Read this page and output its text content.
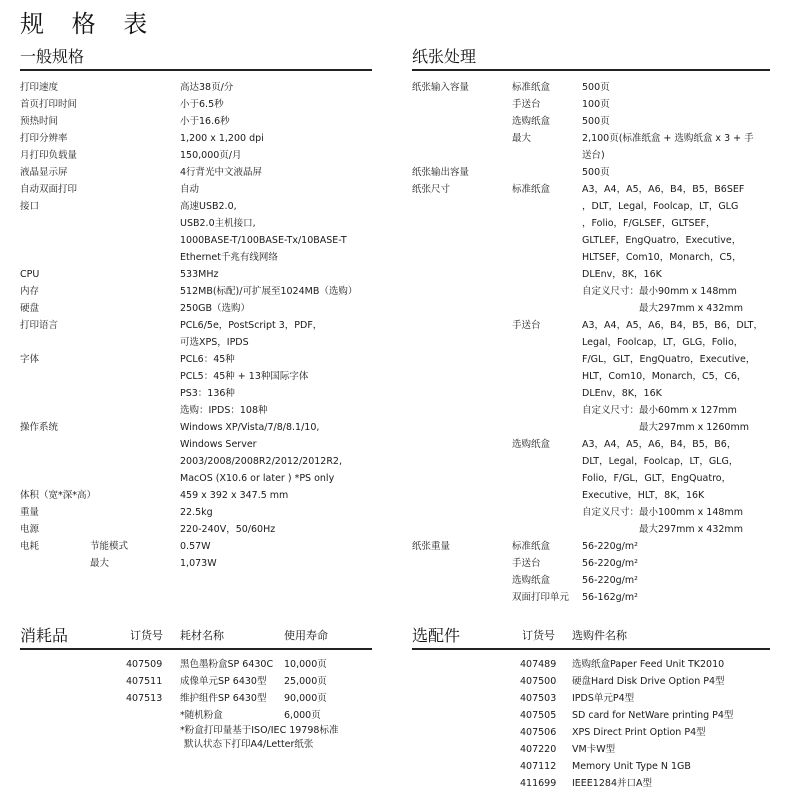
规 格 表
一般规格
打印速度	高达38页/分
首页打印时间	小于6.5秒
预热时间	小于16.6秒
打印分辨率	1,200 x 1,200 dpi
月打印负载量	150,000页/月
液晶显示屏	4行背光中文液晶屏
自动双面打印	自动
接口	高速USB2.0,
USB2.0主机接口,
1000BASE-T/100BASE-Tx/10BASE-T
Ethernet千兆有线网络
CPU	533MHz
内存	512MB(标配)/可扩展至1024MB（选购）
硬盘	250GB（选购）
打印语言	PCL6/5e，PostScript 3，PDF，
可选XPS，IPDS
字体	PCL6：45种
PCL5：45种 + 13种国际字体
PS3：136种
选购：IPDS：108种
操作系统	Windows XP/Vista/7/8/8.1/10,
Windows Server
2003/2008/2008R2/2012/2012R2,
MacOS (X10.6 or later ) *PS only
体积（宽*深*高）	459 x 392 x 347.5 mm
重量	22.5kg
电源	220-240V，50/60Hz
电耗	节能模式	0.57W
最大	1,073W
纸张处理
纸张输入容量	标准纸盒	500页
手送台	100页
选购纸盒	500页
最大	2,100页(标准纸盒 + 选购纸盒 x 3 + 手
送台)
纸张输出容量	500页
纸张尺寸	标准纸盒	A3，A4，A5，A6，B4，B5，B6SEF
，DLT，Legal，Foolcap，LT，GLG
，Folio，F/GLSEF，GLTSEF，
GLTLEF，EngQuatro，Executive，
HLTSEF，Com10，Monarch，C5，
DLEnv，8K，16K
自定义尺寸：最小90mm x 148mm
　　　　　　最大297mm x 432mm
手送台	A3，A4，A5，A6，B4，B5，B6，DLT，
Legal，Foolcap，LT，GLG，Folio，
F/GL，GLT，EngQuatro，Executive，
HLT，Com10，Monarch，C5，C6，
DLEnv，8K，16K
自定义尺寸：最小60mm x 127mm
　　　　　　最大297mm x 1260mm
选购纸盒	A3，A4，A5，A6，B4，B5，B6，
DLT，Legal，Foolcap，LT，GLG，
Folio，F/GL，GLT，EngQuatro，
Executive，HLT，8K，16K
自定义尺寸：最小100mm x 148mm
　　　　　　最大297mm x 432mm
纸张重量	标准纸盒	56-220g/m²
手送台	56-220g/m²
选购纸盒	56-220g/m²
双面打印单元 56-162g/m²
消耗品	订货号 耗材名称	使用寿命
407509 黑色墨粉盒SP 6430C 10,000页
407511 成像单元SP 6430型 25,000页
407513 维护组件SP 6430型 90,000页
*随机粉盒	6,000页
*粉盒打印量基于ISO/IEC 19798标准
默认状态下打印A4/Letter纸张
选配件	订货号 选购件名称
407489 选购纸盒Paper Feed Unit TK2010
407500 硬盘Hard Disk Drive Option P4型
407503 IPDS单元P4型
407505 SD card for NetWare printing P4型
407506 XPS Direct Print Option P4型
407220 VM卡W型
407112 Memory Unit Type N 1GB
411699 IEEE1284并口A型
